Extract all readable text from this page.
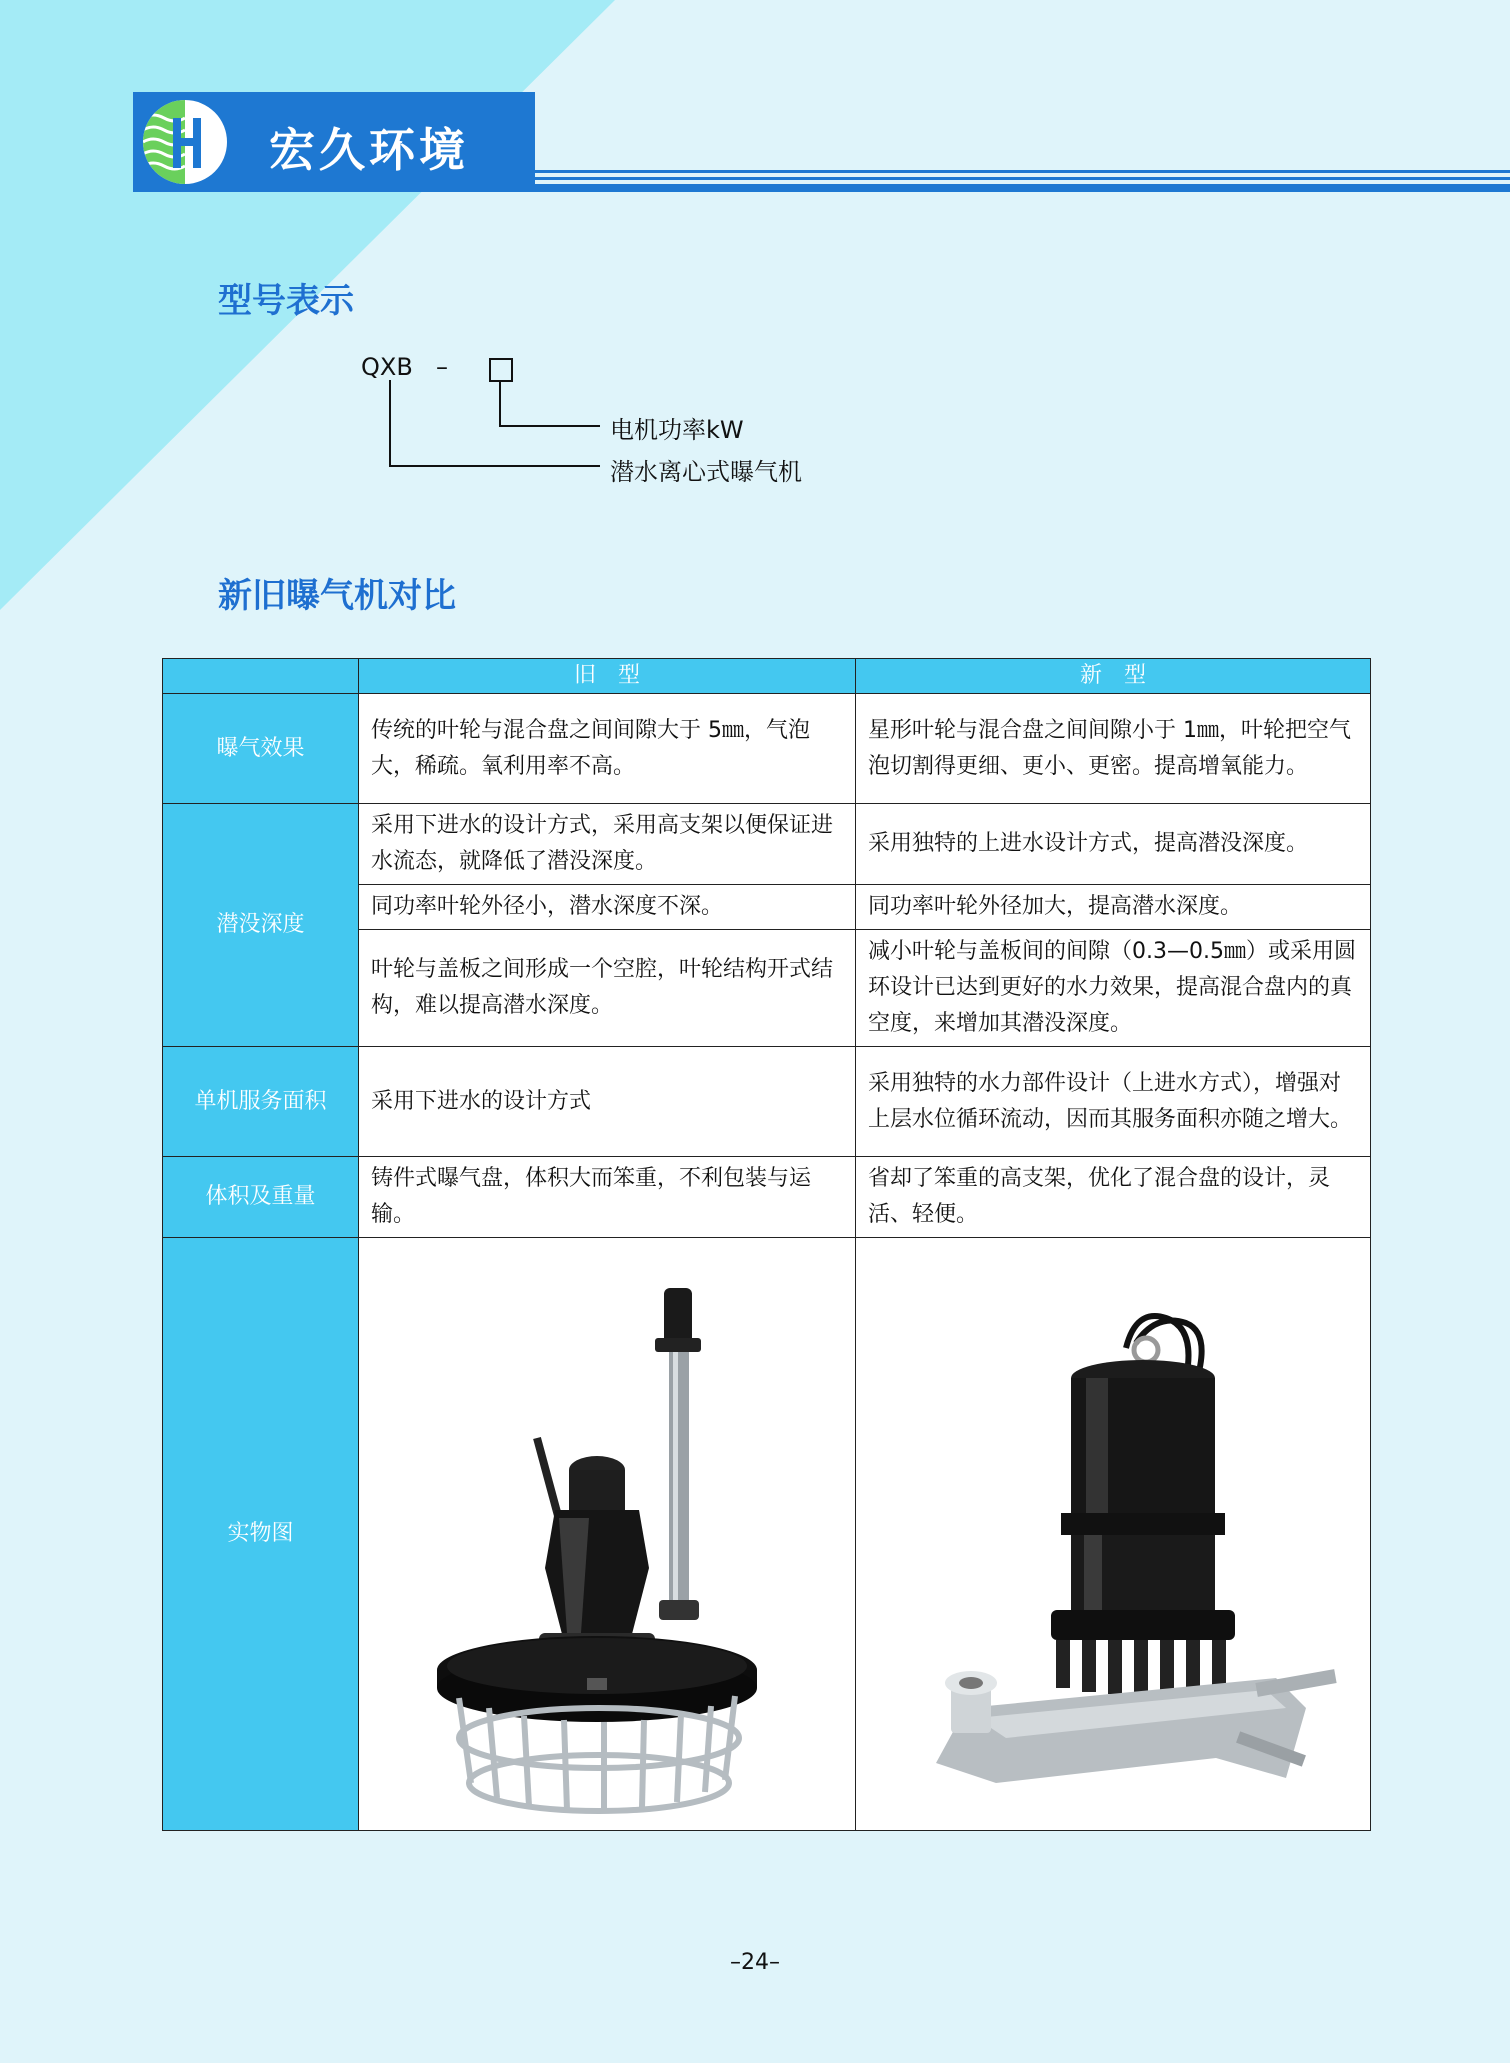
宏久环境
型号表示
QXB –
电机功率kW
潜水离心式曝气机
新旧曝气机对比
	旧　型	新　型
曝气效果	传统的叶轮与混合盘之间间隙大于 5㎜，气泡大，稀疏。氧利用率不高。	星形叶轮与混合盘之间间隙小于 1㎜，叶轮把空气泡切割得更细、更小、更密。提高增氧能力。
潜没深度	采用下进水的设计方式，采用高支架以便保证进水流态，就降低了潜没深度。	采用独特的上进水设计方式，提高潜没深度。
	同功率叶轮外径小，潜水深度不深。	同功率叶轮外径加大，提高潜水深度。
	叶轮与盖板之间形成一个空腔，叶轮结构开式结构，难以提高潜水深度。	减小叶轮与盖板间的间隙（0.3—0.5㎜）或采用圆环设计已达到更好的水力效果，提高混合盘内的真空度，来增加其潜没深度。
单机服务面积	采用下进水的设计方式	采用独特的水力部件设计（上进水方式），增强对上层水位循环流动，因而其服务面积亦随之增大。
体积及重量	铸件式曝气盘，体积大而笨重，不利包装与运输。	省却了笨重的高支架，优化了混合盘的设计，灵活、轻便。
实物图		
–24–
